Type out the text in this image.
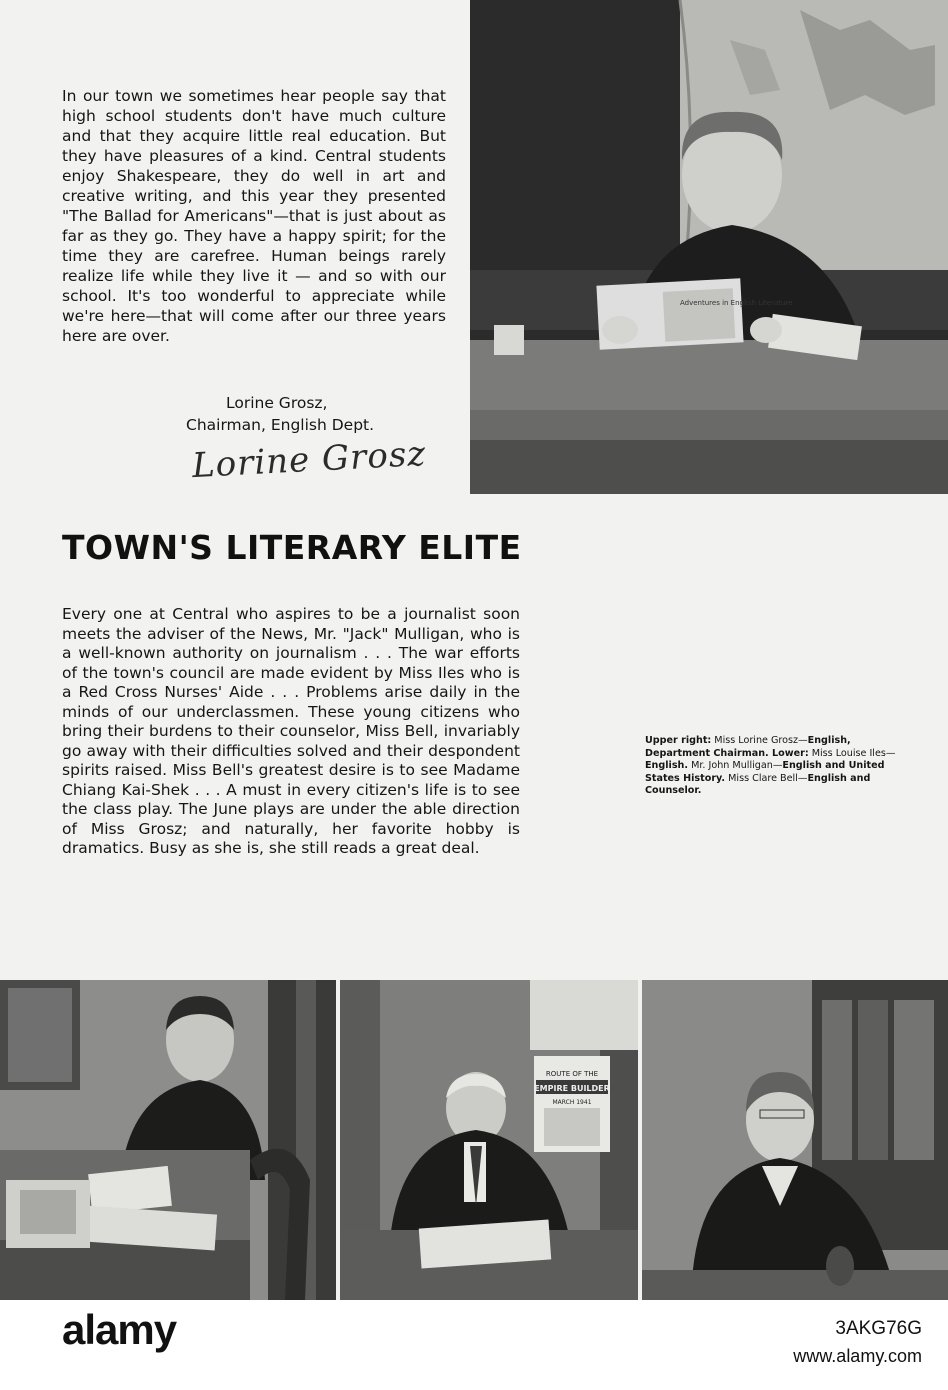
In our town we sometimes hear people say that high school students don't have much culture and that they acquire little real education. But they have pleasures of a kind. Central students enjoy Shakespeare, they do well in art and creative writing, and this year they presented "The Ballad for Americans"—that is just about as far as they go. They have a happy spirit; for the time they are carefree. Human beings rarely realize life while they live it — and so with our school. It's too wonderful to appreciate while we're here—that will come after our three years here are over.

Lorine Grosz,
Chairman, English Dept.
Lorine Grosz
Adventures in English Literature
TOWN'S LITERARY ELITE

Every one at Central who aspires to be a journalist soon meets the adviser of the News, Mr. "Jack" Mulligan, who is a well-known authority on journalism . . . The war efforts of the town's council are made evident by Miss Iles who is a Red Cross Nurses' Aide . . . Problems arise daily in the minds of our underclassmen. These young citizens who bring their burdens to their counselor, Miss Bell, invariably go away with their difficulties solved and their despondent spirits raised. Miss Bell's greatest desire is to see Madame Chiang Kai-Shek . . . A must in every citizen's life is to see the class play. The June plays are under the able direction of Miss Grosz; and naturally, her favorite hobby is dramatics. Busy as she is, she still reads a great deal.

Upper right: Miss Lorine Grosz—English, Department Chairman. Lower: Miss Louise Iles—English. Mr. John Mulligan—English and United States History. Miss Clare Bell—English and Counselor.

ROUTE OF THE
EMPIRE BUILDER
MARCH 1941
alamy	3AKG76G
www.alamy.com
